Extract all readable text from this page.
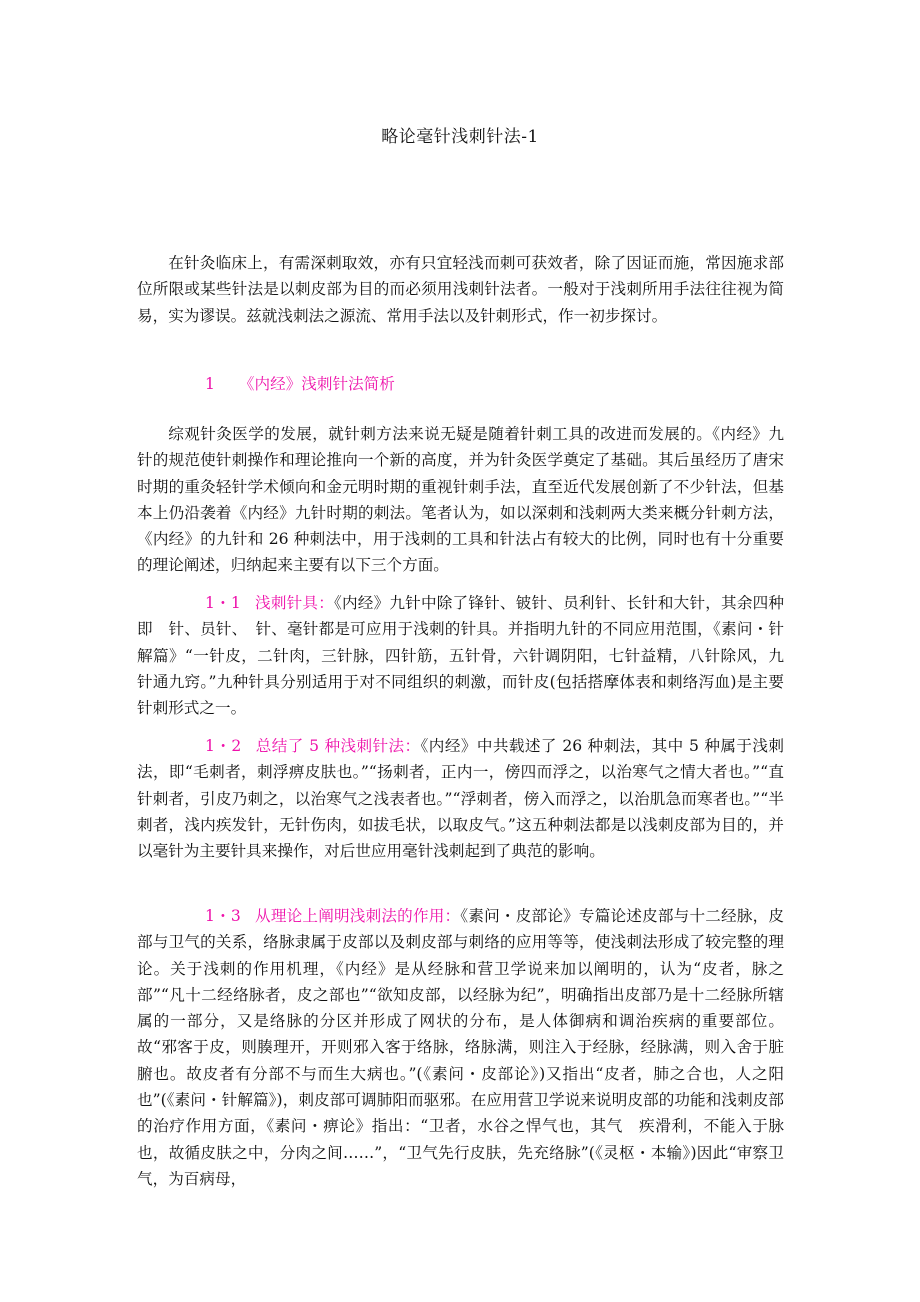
略论毫针浅刺针法-1

在针灸临床上，有需深刺取效，亦有只宜轻浅而刺可获效者，除了因证而施，常因施求部位所限或某些针法是以刺皮部为目的而必须用浅刺针法者。一般对于浅刺所用手法往往视为简易，实为谬误。兹就浅刺法之源流、常用手法以及针刺形式，作一初步探讨。

1 《内经》浅刺针法简析

综观针灸医学的发展，就针刺方法来说无疑是随着针刺工具的改进而发展的。《内经》九针的规范使针刺操作和理论推向一个新的高度，并为针灸医学奠定了基础。其后虽经历了唐宋时期的重灸轻针学术倾向和金元明时期的重视针刺手法，直至近代发展创新了不少针法，但基本上仍沿袭着《内经》九针时期的刺法。笔者认为，如以深刺和浅刺两大类来概分针刺方法，《内经》的九针和 26 种刺法中，用于浅刺的工具和针法占有较大的比例，同时也有十分重要的理论阐述，归纳起来主要有以下三个方面。

1・1 浅刺针具：《内经》九针中除了锋针、铍针、员利针、长针和大针，其余四种即　针、员针、　针、毫针都是可应用于浅刺的针具。并指明九针的不同应用范围，《素问・针解篇》“一针皮，二针肉，三针脉，四针筋，五针骨，六针调阴阳，七针益精，八针除风，九针通九窍。”九种针具分别适用于对不同组织的刺激，而针皮(包括搭摩体表和刺络泻血)是主要针刺形式之一。

1・2 总结了 5 种浅刺针法：《内经》中共载述了 26 种刺法，其中 5 种属于浅刺法，即“毛刺者，刺浮痹皮肤也。”“扬刺者，正内一，傍四而浮之，以治寒气之情大者也。”“直针刺者，引皮乃刺之，以治寒气之浅表者也。”“浮刺者，傍入而浮之，以治肌急而寒者也。”“半刺者，浅内疾发针，无针伤肉，如拔毛状，以取皮气。”这五种刺法都是以浅刺皮部为目的，并以毫针为主要针具来操作，对后世应用毫针浅刺起到了典范的影响。

1・3 从理论上阐明浅刺法的作用：《素问・皮部论》专篇论述皮部与十二经脉，皮部与卫气的关系，络脉隶属于皮部以及刺皮部与刺络的应用等等，使浅刺法形成了较完整的理论。关于浅刺的作用机理，《内经》是从经脉和营卫学说来加以阐明的，认为“皮者，脉之部”“凡十二经络脉者，皮之部也”“欲知皮部，以经脉为纪”，明确指出皮部乃是十二经脉所辖属的一部分，又是络脉的分区并形成了网状的分布，是人体御病和调治疾病的重要部位。故“邪客于皮，则腠理开，开则邪入客于络脉，络脉满，则注入于经脉，经脉满，则入舍于脏腑也。故皮者有分部不与而生大病也。”(《素问・皮部论》)又指出“皮者，肺之合也，人之阳也”(《素问・针解篇》)，刺皮部可调肺阳而驱邪。在应用营卫学说来说明皮部的功能和浅刺皮部的治疗作用方面，《素问・痹论》指出：“卫者，水谷之悍气也，其气　疾滑利，不能入于脉也，故循皮肤之中，分肉之间……”，“卫气先行皮肤，先充络脉”(《灵枢・本输》)因此“审察卫气，为百病母，
